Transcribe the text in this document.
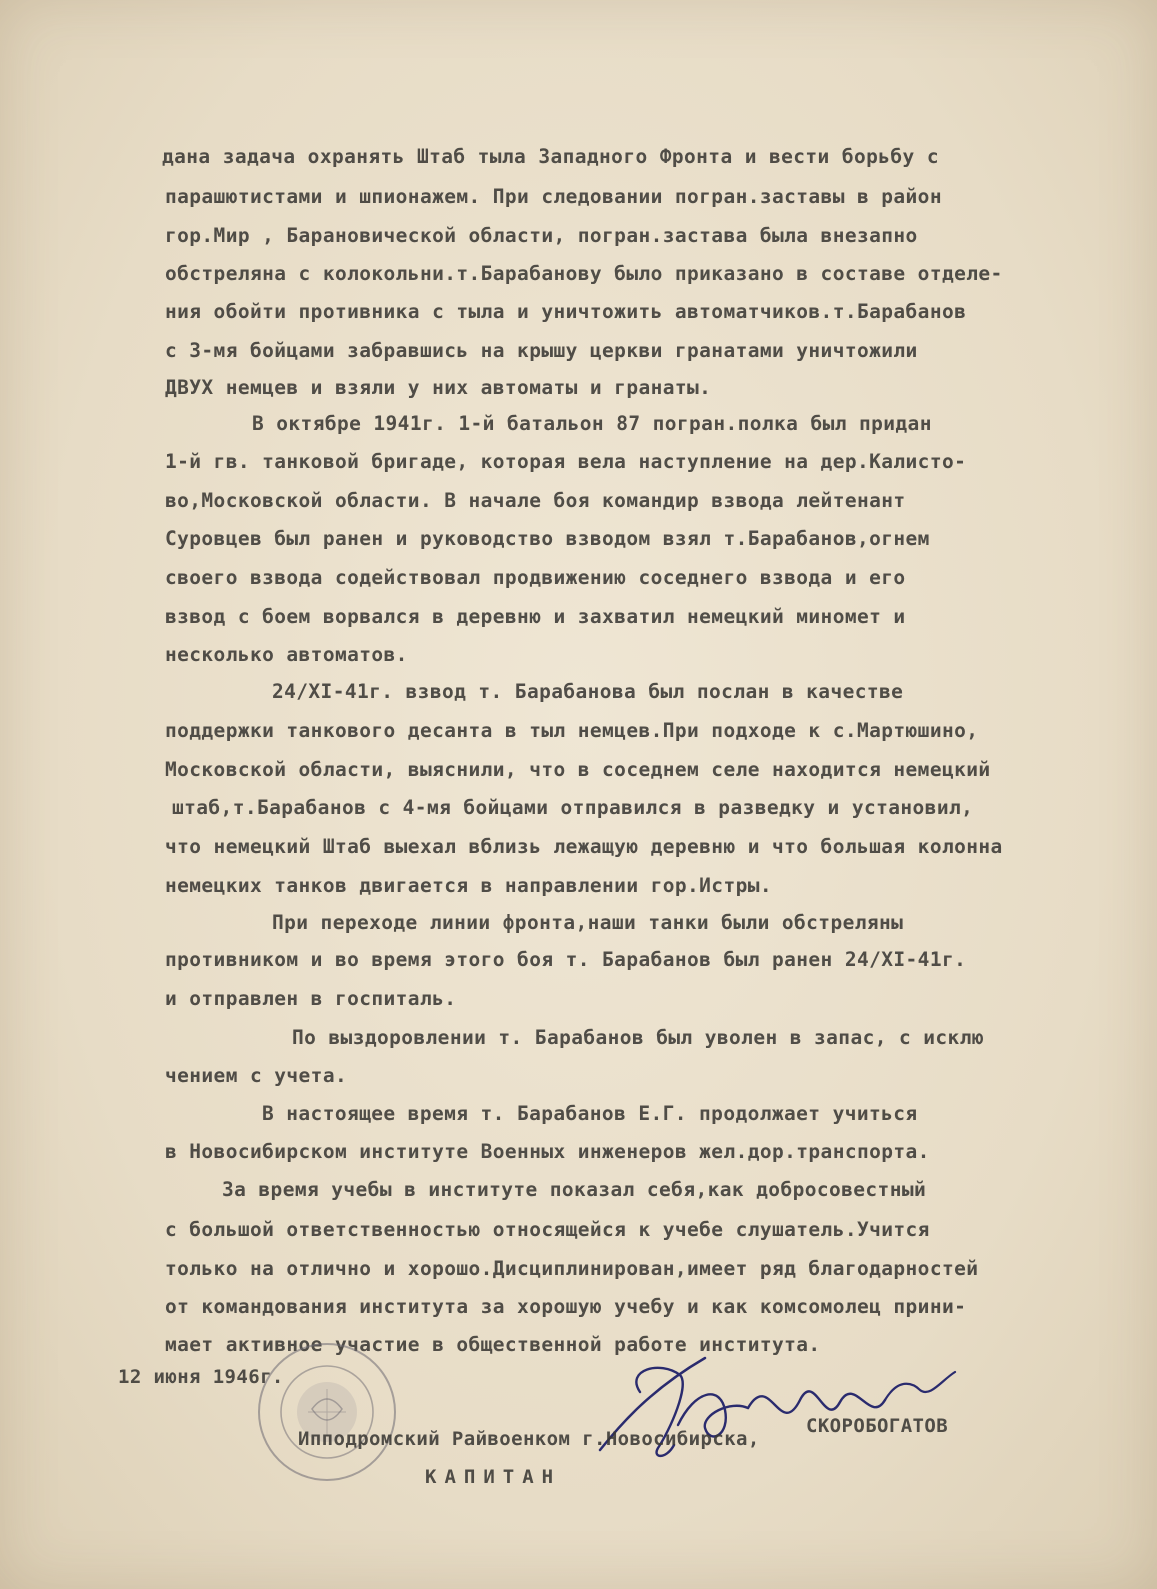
дана задача охранять Штаб тыла Западного Фронта и вести борьбу с
парашютистами и шпионажем. При следовании погран.заставы в район
гор.Мир , Барановической области, погран.застава была внезапно
обстреляна с колокольни.т.Барабанову было приказано в составе отделе-
ния обойти противника с тыла и уничтожить автоматчиков.т.Барабанов
с 3-мя бойцами забравшись на крышу церкви гранатами уничтожили
ДВУХ немцев и взяли у них автоматы и гранаты.
В октябре 1941г. 1-й батальон 87 погран.полка был придан
1-й гв. танковой бригаде, которая вела наступление на дер.Калисто-
во,Московской области. В начале боя командир взвода лейтенант
Суровцев был ранен и руководство взводом взял т.Барабанов,огнем
своего взвода содействовал продвижению соседнего взвода и его
взвод с боем ворвался в деревню и захватил немецкий миномет и
несколько автоматов.
24/XI-41г. взвод т. Барабанова был послан в качестве
поддержки танкового десанта в тыл немцев.При подходе к с.Мартюшино,
Московской области, выяснили, что в соседнем селе находится немецкий
штаб,т.Барабанов с 4-мя бойцами отправился в разведку и установил,
что немецкий Штаб выехал вблизь лежащую деревню и что большая колонна
немецких танков двигается в направлении гор.Истры.
При переходе линии фронта,наши танки были обстреляны
противником и во время этого боя т. Барабанов был ранен 24/XI-41г.
и отправлен в госпиталь.
По выздоровлении т. Барабанов был уволен в запас, с исклю
чением с учета.
В настоящее время т. Барабанов Е.Г. продолжает учиться
в Новосибирском институте Военных инженеров жел.дор.транспорта.
За время учебы в институте показал себя,как добросовестный
с большой ответственностью относящейся к учебе слушатель.Учится
только на отлично и хорошо.Дисциплинирован,имеет ряд благодарностей
от командования института за хорошую учебу и как комсомолец прини-
мает активное участие в общественной работе института.
12 июня 1946г.
Ипподромский Райвоенком г.Новосибирска,
КАПИТАН
СКОРОБОГАТОВ
